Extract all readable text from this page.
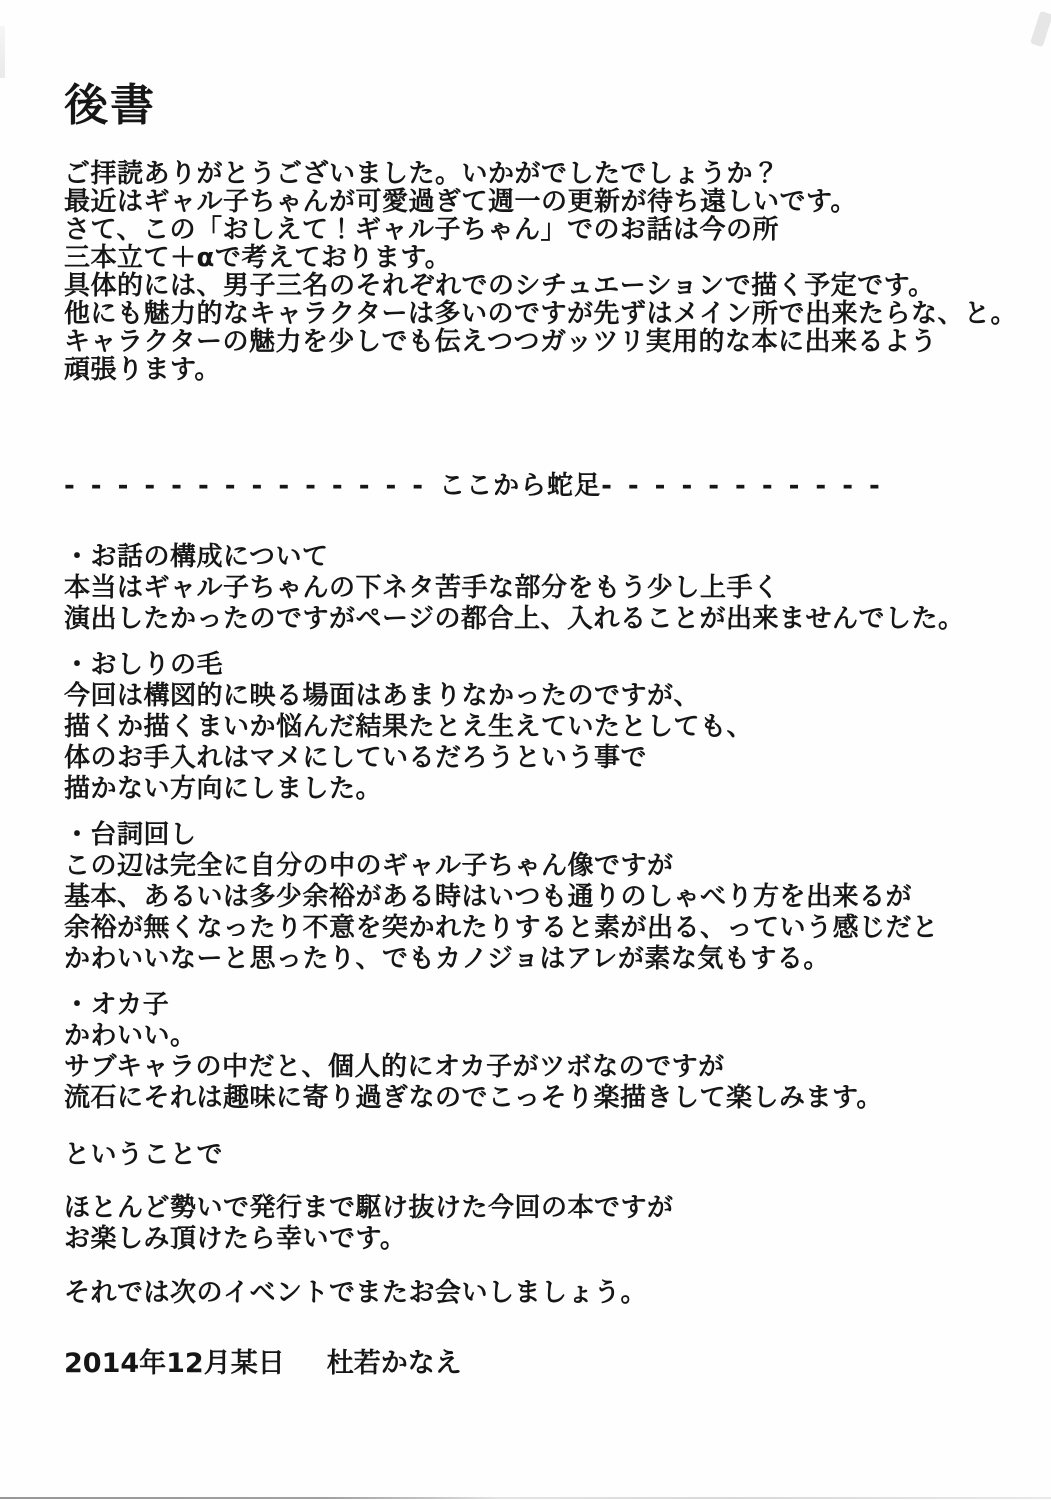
後書
ご拝読ありがとうございました。いかがでしたでしょうか？
最近はギャル子ちゃんが可愛過ぎて週一の更新が待ち遠しいです。
さて、この「おしえて！ギャル子ちゃん」でのお話は今の所
三本立て＋αで考えております。
具体的には、男子三名のそれぞれでのシチュエーションで描く予定です。
他にも魅力的なキャラクターは多いのですが先ずはメイン所で出来たらな、と。
キャラクターの魅力を少しでも伝えつつガッツリ実用的な本に出来るよう
頑張ります。
--------------ここから蛇足-----------
・お話の構成について
本当はギャル子ちゃんの下ネタ苦手な部分をもう少し上手く
演出したかったのですがページの都合上、入れることが出来ませんでした。
・おしりの毛
今回は構図的に映る場面はあまりなかったのですが、
描くか描くまいか悩んだ結果たとえ生えていたとしても、
体のお手入れはマメにしているだろうという事で
描かない方向にしました。
・台詞回し
この辺は完全に自分の中のギャル子ちゃん像ですが
基本、あるいは多少余裕がある時はいつも通りのしゃべり方を出来るが
余裕が無くなったり不意を突かれたりすると素が出る、っていう感じだと
かわいいなーと思ったり、でもカノジョはアレが素な気もする。
・オカ子
かわいい。
サブキャラの中だと、個人的にオカ子がツボなのですが
流石にそれは趣味に寄り過ぎなのでこっそり楽描きして楽しみます。
ということで
ほとんど勢いで発行まで駆け抜けた今回の本ですが
お楽しみ頂けたら幸いです。
それでは次のイベントでまたお会いしましょう。
2014年12月某日 杜若かなえ
